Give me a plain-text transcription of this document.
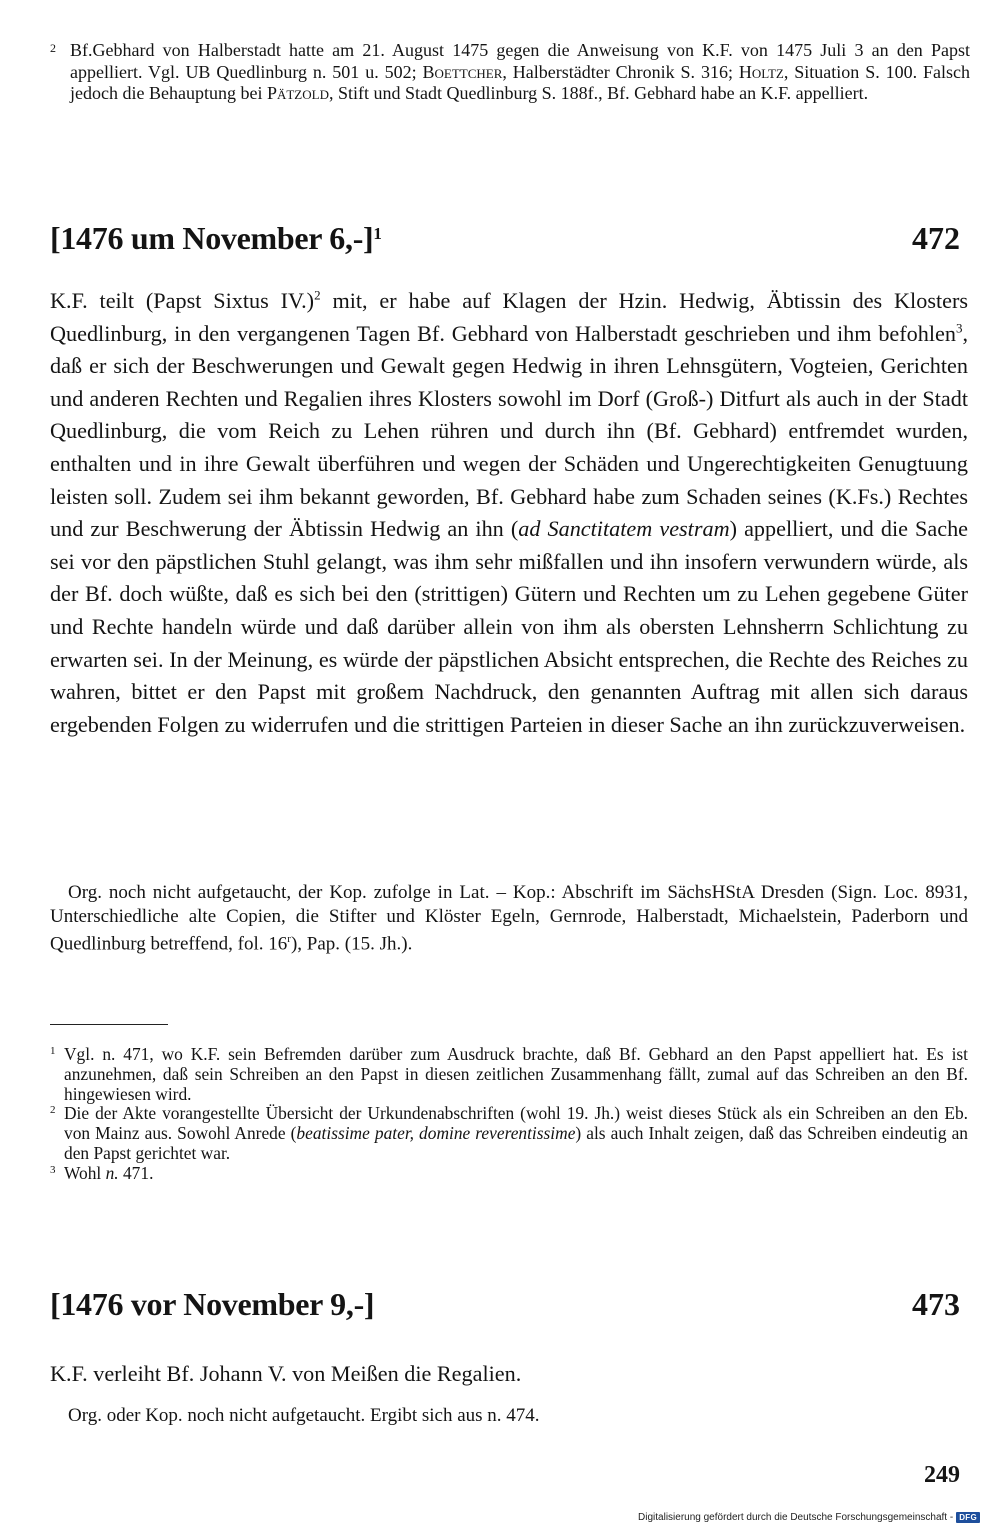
2 Bf.Gebhard von Halberstadt hatte am 21. August 1475 gegen die Anweisung von K.F. von 1475 Juli 3 an den Papst appelliert. Vgl. UB Quedlinburg n. 501 u. 502; Boettcher, Halberstädter Chronik S. 316; Holtz, Situation S. 100. Falsch jedoch die Behauptung bei Pätzold, Stift und Stadt Quedlinburg S. 188f., Bf. Gebhard habe an K.F. appelliert.
[1476 um November 6,-]$^1$	472
K.F. teilt (Papst Sixtus IV.)$^2$ mit, er habe auf Klagen der Hzin. Hedwig, Äbtissin des Klosters Quedlinburg, in den vergangenen Tagen Bf. Gebhard von Halberstadt geschrieben und ihm befohlen$^3$, daß er sich der Beschwerungen und Gewalt gegen Hedwig in ihren Lehnsgütern, Vogteien, Gerichten und anderen Rechten und Regalien ihres Klosters sowohl im Dorf (Groß-) Ditfurt als auch in der Stadt Quedlinburg, die vom Reich zu Lehen rühren und durch ihn (Bf. Gebhard) entfremdet wurden, enthalten und in ihre Gewalt überführen und wegen der Schäden und Ungerechtigkeiten Genugtuung leisten soll. Zudem sei ihm bekannt geworden, Bf. Gebhard habe zum Schaden seines (K.Fs.) Rechtes und zur Beschwerung der Äbtissin Hedwig an ihn (ad Sanctitatem vestram) appelliert, und die Sache sei vor den päpstlichen Stuhl gelangt, was ihm sehr mißfallen und ihn insofern verwundern würde, als der Bf. doch wüßte, daß es sich bei den (strittigen) Gütern und Rechten um zu Lehen gegebene Güter und Rechte handeln würde und daß darüber allein von ihm als obersten Lehnsherrn Schlichtung zu erwarten sei. In der Meinung, es würde der päpstlichen Absicht entsprechen, die Rechte des Reiches zu wahren, bittet er den Papst mit großem Nachdruck, den genannten Auftrag mit allen sich daraus ergebenden Folgen zu widerrufen und die strittigen Parteien in dieser Sache an ihn zurückzuverweisen.
Org. noch nicht aufgetaucht, der Kop. zufolge in Lat. – Kop.: Abschrift im SächsHStA Dresden (Sign. Loc. 8931, Unterschiedliche alte Copien, die Stifter und Klöster Egeln, Gernrode, Halberstadt, Michaelstein, Paderborn und Quedlinburg betreffend, fol. 16$^r$), Pap. (15. Jh.).
1 Vgl. n. 471, wo K.F. sein Befremden darüber zum Ausdruck brachte, daß Bf. Gebhard an den Papst appelliert hat. Es ist anzunehmen, daß sein Schreiben an den Papst in diesen zeitlichen Zusammenhang fällt, zumal auf das Schreiben an den Bf. hingewiesen wird.
2 Die der Akte vorangestellte Übersicht der Urkundenabschriften (wohl 19. Jh.) weist dieses Stück als ein Schreiben an den Eb. von Mainz aus. Sowohl Anrede (beatissime pater, domine reverentissime) als auch Inhalt zeigen, daß das Schreiben eindeutig an den Papst gerichtet war.
3 Wohl n. 471.
[1476 vor November 9,-]	473
K.F. verleiht Bf. Johann V. von Meißen die Regalien.
Org. oder Kop. noch nicht aufgetaucht. Ergibt sich aus n. 474.
249
Digitalisierung gefördert durch die Deutsche Forschungsgemeinschaft - DFG
